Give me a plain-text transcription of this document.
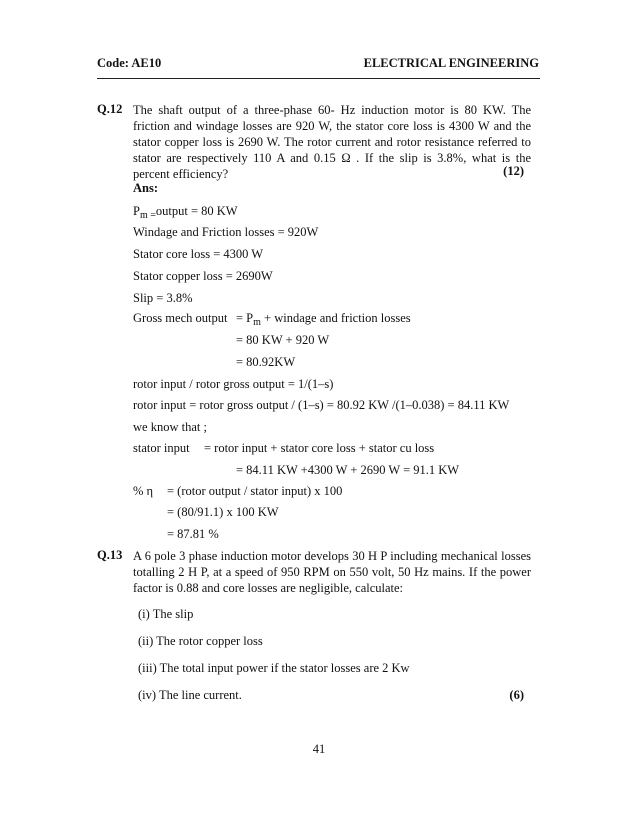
Code: AE10	ELECTRICAL ENGINEERING
Q.12 The shaft output of a three-phase 60- Hz induction motor is 80 KW. The friction and windage losses are 920 W, the stator core loss is 4300 W and the stator copper loss is 2690 W. The rotor current and rotor resistance referred to stator are respectively 110 A and 0.15 Ω . If the slip is 3.8%, what is the percent efficiency?	(12)
Ans:
$P_{m =}output = 80$ KW
Windage and Friction losses = 920W
Stator core loss = 4300 W
Stator copper loss = 2690W
Slip = 3.8%
Gross mech output = $P_m$ + windage and friction losses
= 80 KW + 920 W
= 80.92KW
rotor input / rotor gross output = 1/(1–s)
rotor input = rotor gross output / (1–s) = 80.92 KW /(1–0.038) = 84.11 KW
we know that ;
stator input = rotor input + stator core loss + stator cu loss
= 84.11 KW +4300 W + 2690 W = 91.1 KW
% η = (rotor output / stator input) x 100
= (80/91.1) x 100 KW
= 87.81 %
Q.13 A 6 pole 3 phase induction motor develops 30 H P including mechanical losses totalling 2 H P, at a speed of 950 RPM on 550 volt, 50 Hz mains. If the power factor is 0.88 and core losses are negligible, calculate:
(i) The slip
(ii) The rotor copper loss
(iii) The total input power if the stator losses are 2 Kw
(iv) The line current.	(6)
41
